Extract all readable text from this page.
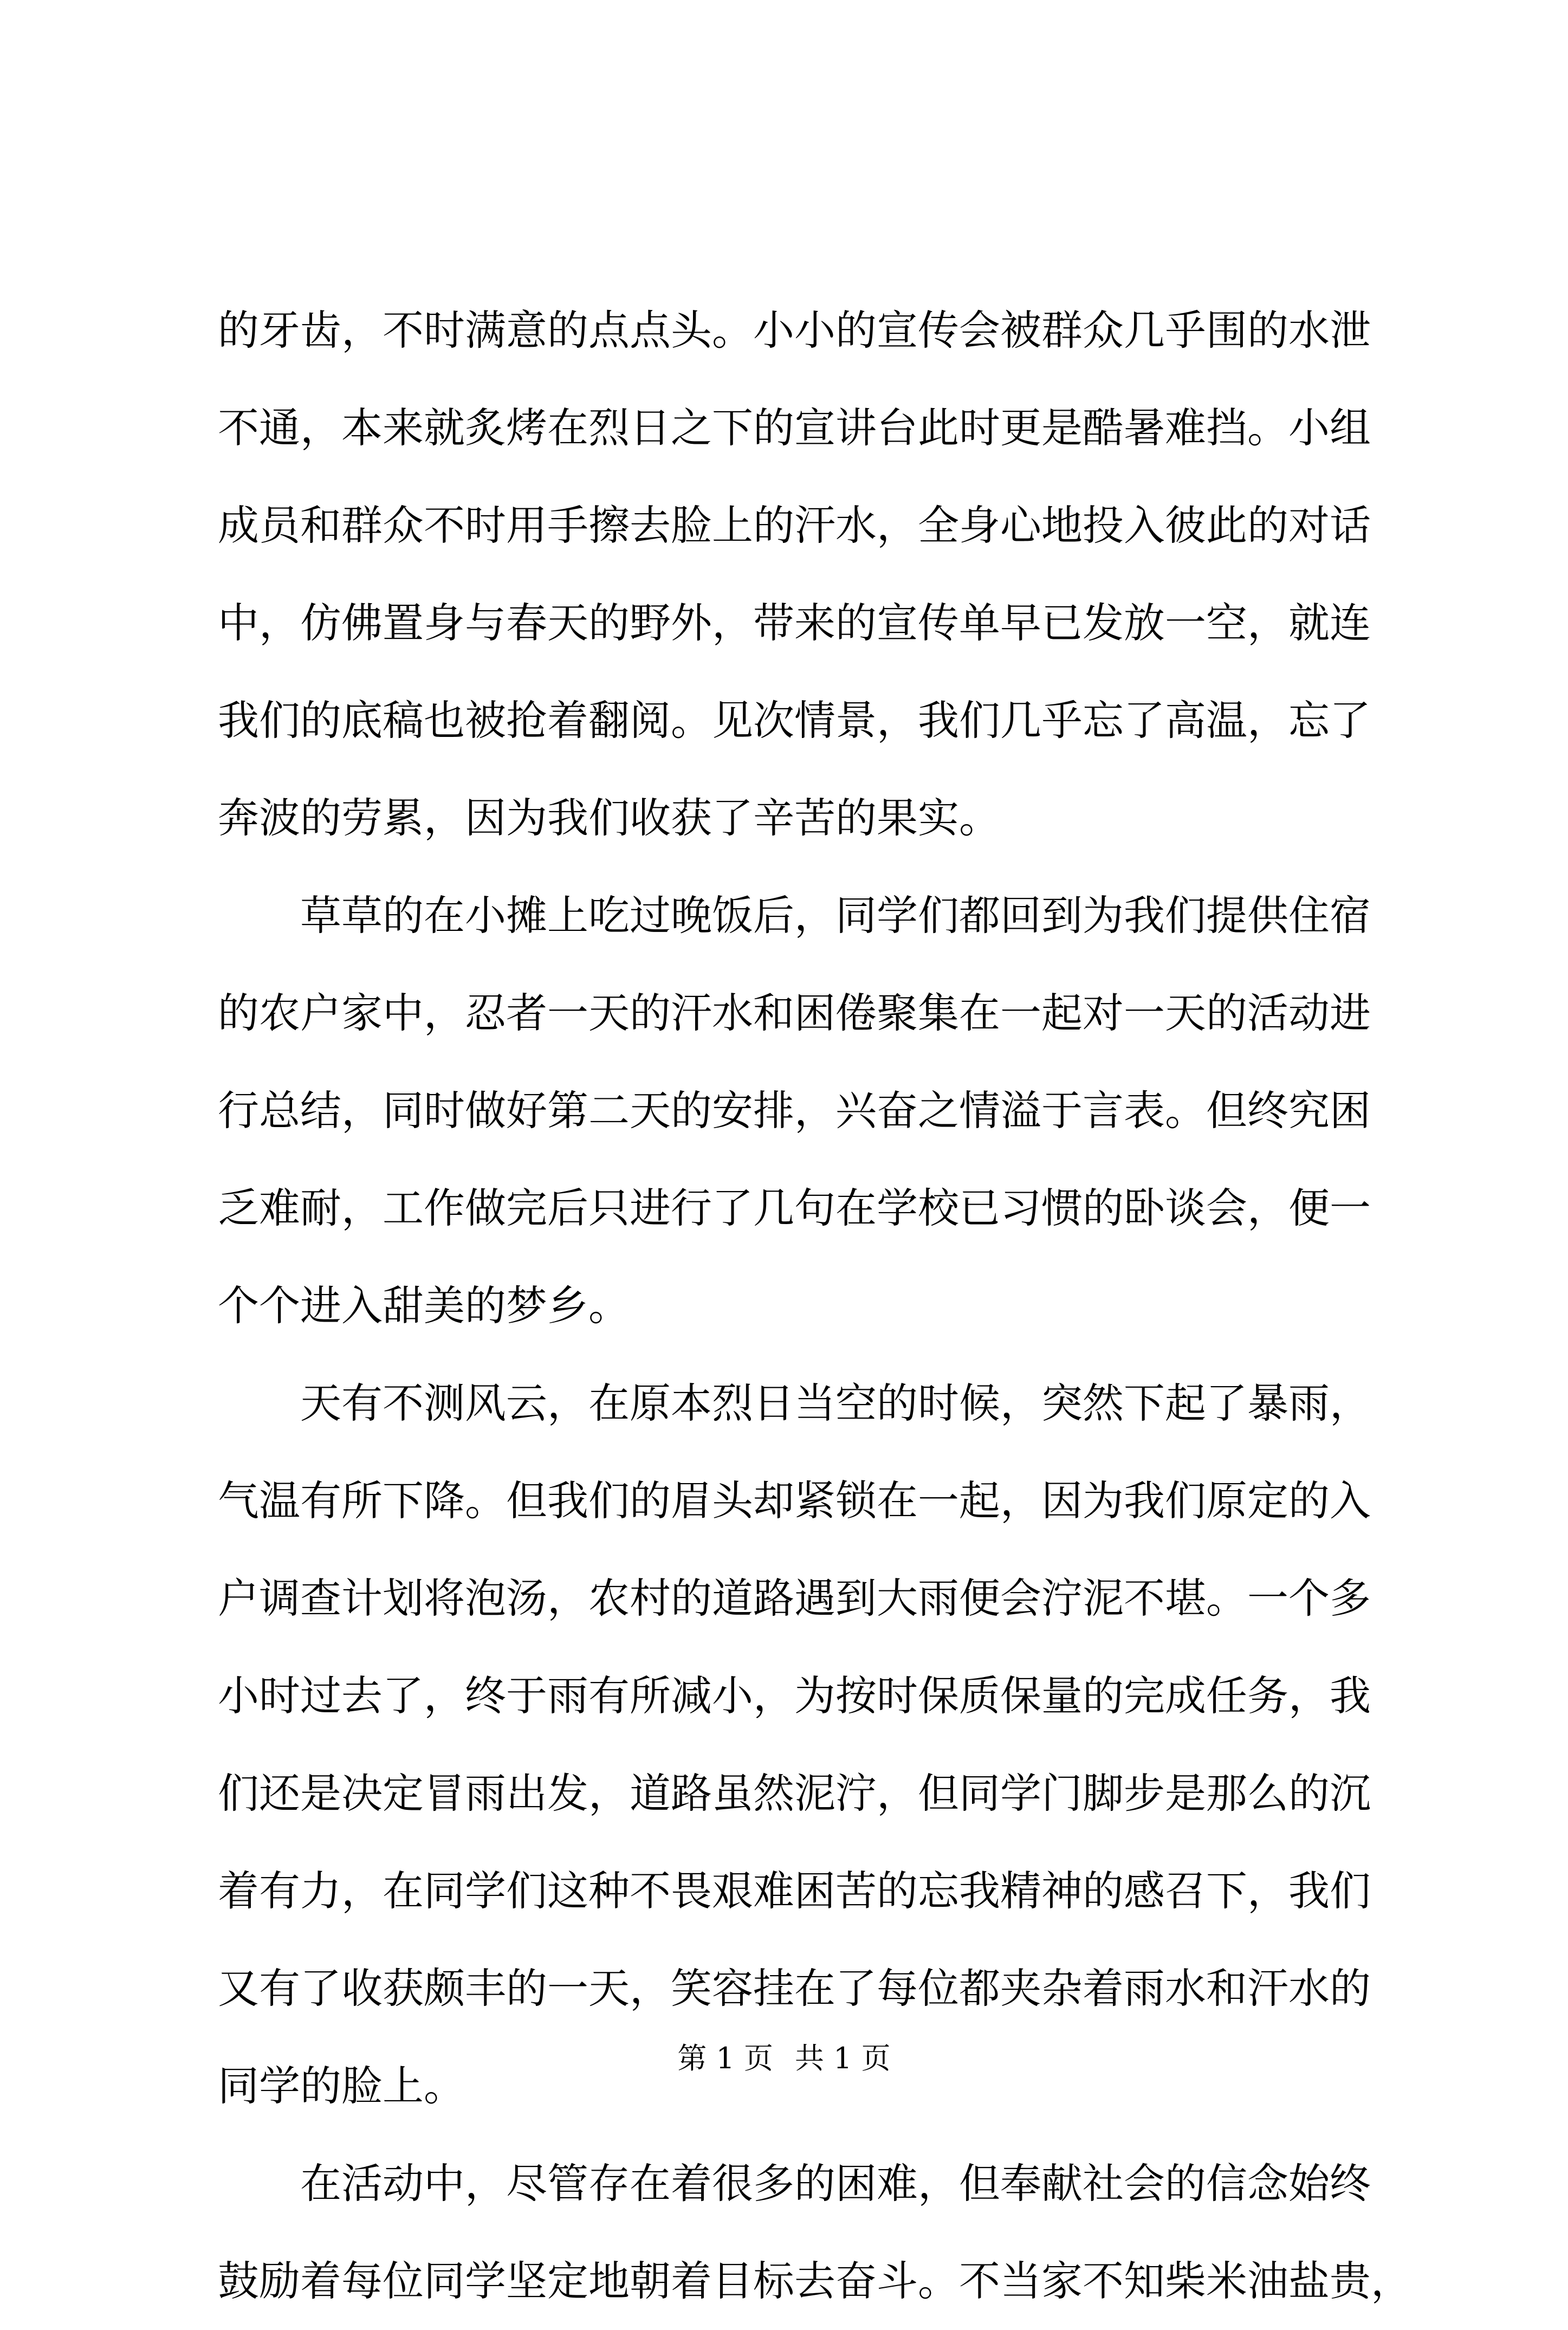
的牙齿，不时满意的点点头。小小的宣传会被群众几乎围的水泄
不通，本来就炙烤在烈日之下的宣讲台此时更是酷暑难挡。小组
成员和群众不时用手擦去脸上的汗水，全身心地投入彼此的对话
中，仿佛置身与春天的野外，带来的宣传单早已发放一空，就连
我们的底稿也被抢着翻阅。见次情景，我们几乎忘了高温，忘了
奔波的劳累，因为我们收获了辛苦的果实。
草草的在小摊上吃过晚饭后，同学们都回到为我们提供住宿
的农户家中，忍者一天的汗水和困倦聚集在一起对一天的活动进
行总结，同时做好第二天的安排，兴奋之情溢于言表。但终究困
乏难耐，工作做完后只进行了几句在学校已习惯的卧谈会，便一
个个进入甜美的梦乡。
天有不测风云，在原本烈日当空的时候，突然下起了暴雨，
气温有所下降。但我们的眉头却紧锁在一起，因为我们原定的入
户调查计划将泡汤，农村的道路遇到大雨便会泞泥不堪。一个多
小时过去了，终于雨有所减小，为按时保质保量的完成任务，我
们还是决定冒雨出发，道路虽然泥泞，但同学门脚步是那么的沉
着有力，在同学们这种不畏艰难困苦的忘我精神的感召下，我们
又有了收获颇丰的一天，笑容挂在了每位都夹杂着雨水和汗水的
同学的脸上。
在活动中，尽管存在着很多的困难，但奉献社会的信念始终
鼓励着每位同学坚定地朝着目标去奋斗。不当家不知柴米油盐贵，
第 1 页 共 1 页
